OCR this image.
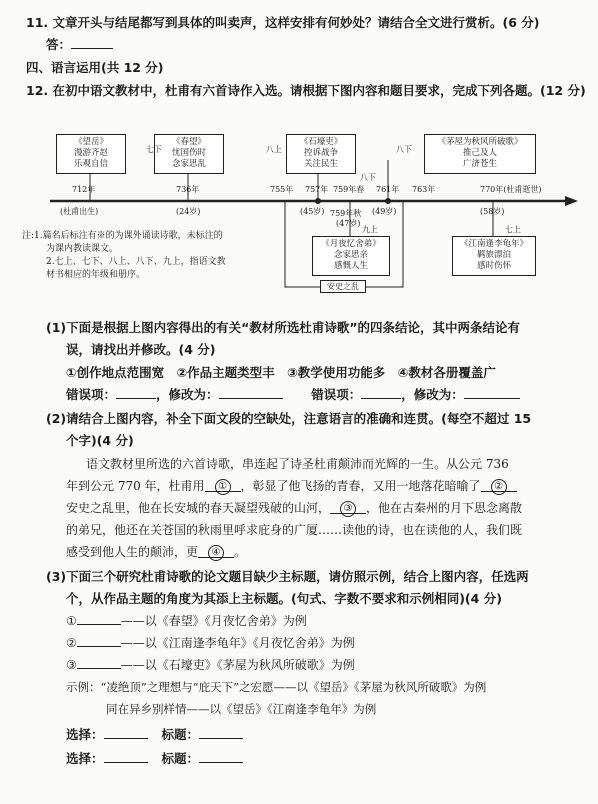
11. 文章开头与结尾都写到具体的叫卖声，这样安排有何妙处？请结合全文进行赏析。(6 分)
答：
四、语言运用(共 12 分)
12. 在初中语文教材中，杜甫有六首诗作入选。请根据下图内容和题目要求，完成下列各题。(12 分)
《望岳》
漫游齐赵
乐观自信
《春望》
忧国伤时
念家思乱
《石壕吏》
控诉战争
关注民生
《茅屋为秋风所破歌》
推己及人
广济苍生
《月夜忆舍弟》
念家思亲
感慨人生
《江南逢李龟年》
羁旅漂泊
感时伤怀
七下	八上
八下
八下
九上	七上
712年	736年	755年 757年 759年春 761年 763年	770年(杜甫逝世)
759年秋
(杜甫出生)	(24岁)	(45岁)	(49岁)
(47岁)
(58岁)
安史之乱
注:1.篇名后标注有※的为课外诵读诗歌，未标注的
为课内教读课文。
2.七上、七下、八上、八下、九上，指语文教
材书相应的年级和册序。
(1)下面是根据上图内容得出的有关“教材所选杜甫诗歌”的四条结论，其中两条结论有
误，请找出并修改。(4 分)
①创作地点范围宽　②作品主题类型丰　③教学使用功能多　④教材各册覆盖广
错误项：	，修改为：	错误项：	，修改为：
(2)请结合上图内容，补全下面文段的空缺处，注意语言的准确和连贯。(每空不超过 15
个字)(4 分)
语文教材里所选的六首诗歌，串连起了诗圣杜甫颠沛而光辉的一生。从公元 736
年到公元 770 年，杜甫用 ① ，彰显了他飞扬的青春，又用一地落花暗喻了 ②
安史之乱里，他在长安城的春天凝望残破的山河， ③ ，他在古秦州的月下思念离散
的弟兄，他还在关苍国的秋雨里呼求庇身的广厦……读他的诗，也在读他的人，我们既
感受到他人生的颠沛，更 ④ 。
(3)下面三个研究杜甫诗歌的论文题目缺少主标题，请仿照示例，结合上图内容，任选两
个，从作品主题的角度为其添上主标题。(句式、字数不要求和示例相同)(4 分)
①	——以《春望》《月夜忆舍弟》为例
②	——以《江南逢李龟年》《月夜忆舍弟》为例
③	——以《石壕吏》《茅屋为秋风所破歌》为例
示例：“凌绝顶”之理想与“庇天下”之宏愿——以《望岳》《茅屋为秋风所破歌》为例
同在异乡别样情——以《望岳》《江南逢李龟年》为例
选择：	标题：
选择：	标题：
